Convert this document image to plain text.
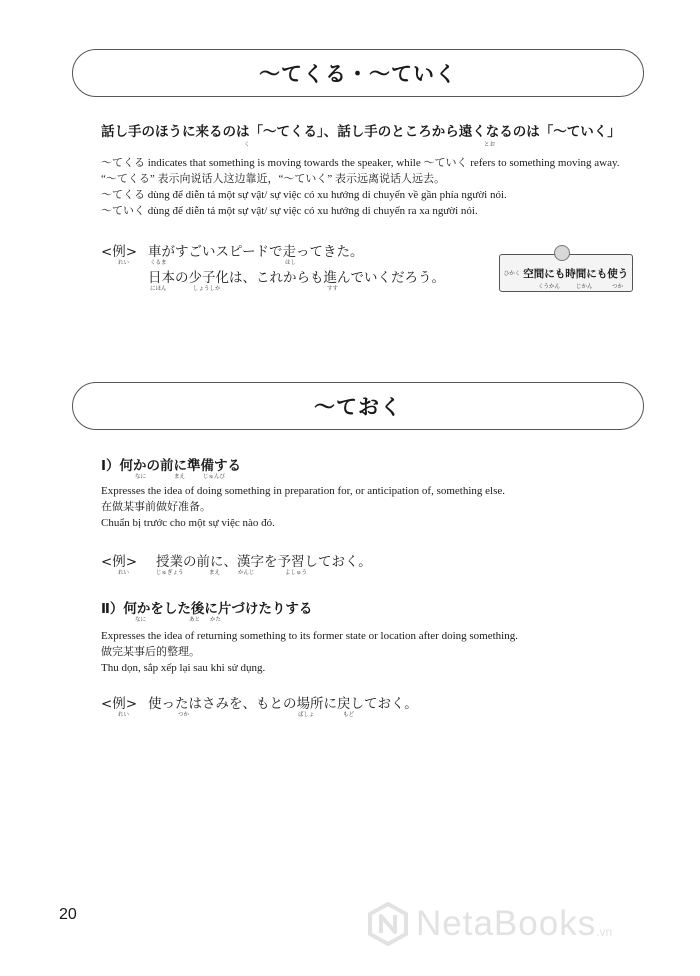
〜てくる・〜ていく
話し手のほうに来るのは「〜てくる」、話し手のところから遠くなるのは「〜ていく」
く	とお
〜てくる indicates that something is moving towards the speaker, while 〜ていく refers to something moving away.
“〜てくる” 表示向说话人这边靠近，“〜ていく” 表示远离说话人远去。
〜てくる dùng để diễn tả một sự vật/ sự việc có xu hướng di chuyển về gần phía người nói.
〜ていく dùng để diễn tả một sự vật/ sự việc có xu hướng di chuyển ra xa người nói.
<例>
れい
車がすごいスピードで走ってきた。
くるま	はし
日本の少子化は、これからも進んでいくだろう。
にほん	しょうしか	すす
ひかく 空間にも時間にも使う
くうかん	じかん	つか
〜ておく
Ⅰ）何かの前に準備する
なに	まえ	じゅんび
Expresses the idea of doing something in preparation for, or anticipation of, something else.
在做某事前做好准备。
Chuẩn bị trước cho một sự việc nào đó.
<例>
れい
授業の前に、漢字を予習しておく。
じゅぎょう	まえ	かんじ	よしゅう
Ⅱ）何かをした後に片づけたりする
なに	あと かた
Expresses the idea of returning something to its former state or location after doing something.
做完某事后的整理。
Thu dọn, sắp xếp lại sau khi sử dụng.
<例>
れい
使ったはさみを、もとの場所に戻しておく。
つか	ばしょ	もど
20	NetaBooks .vn
